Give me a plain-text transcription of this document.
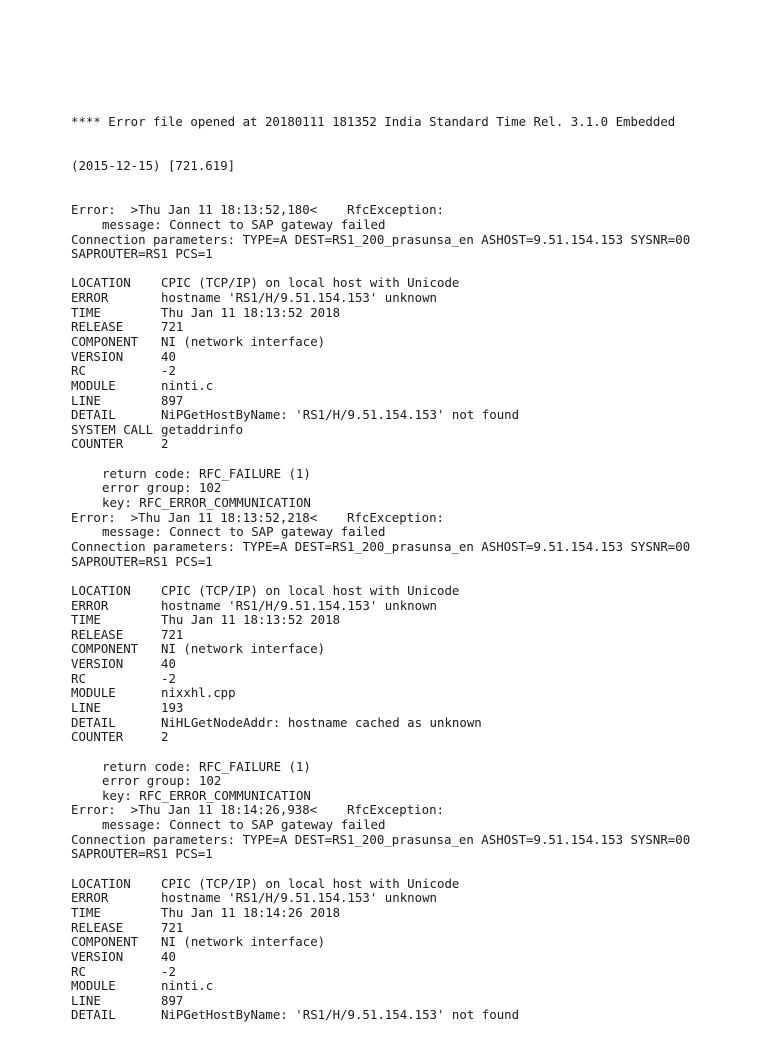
**** Error file opened at 20180111 181352 India Standard Time Rel. 3.1.0 Embedded

(2015-12-15) [721.619]

Error:  >Thu Jan 11 18:13:52,180<    RfcException:
message: Connect to SAP gateway failed
Connection parameters: TYPE=A DEST=RS1_200_prasunsa_en ASHOST=9.51.154.153 SYSNR=00
SAPROUTER=RS1 PCS=1
LOCATION CPIC (TCP/IP) on local host with Unicode
ERROR	hostname 'RS1/H/9.51.154.153' unknown
TIME	Thu Jan 11 18:13:52 2018
RELEASE	721
COMPONENT NI (network interface)
VERSION	40
RC	-2
MODULE	ninti.c
LINE	897
DETAIL	NiPGetHostByName: 'RS1/H/9.51.154.153' not found
SYSTEM CALL getaddrinfo
COUNTER	2
return code: RFC_FAILURE (1)
error group: 102
key: RFC_ERROR_COMMUNICATION
Error:  >Thu Jan 11 18:13:52,218<    RfcException:
message: Connect to SAP gateway failed
Connection parameters: TYPE=A DEST=RS1_200_prasunsa_en ASHOST=9.51.154.153 SYSNR=00
SAPROUTER=RS1 PCS=1
LOCATION CPIC (TCP/IP) on local host with Unicode
ERROR	hostname 'RS1/H/9.51.154.153' unknown
TIME	Thu Jan 11 18:13:52 2018
RELEASE	721
COMPONENT NI (network interface)
VERSION	40
RC	-2
MODULE	nixxhl.cpp
LINE	193
DETAIL	NiHLGetNodeAddr: hostname cached as unknown
COUNTER	2
return code: RFC_FAILURE (1)
error group: 102
key: RFC_ERROR_COMMUNICATION
Error:  >Thu Jan 11 18:14:26,938<    RfcException:
message: Connect to SAP gateway failed
Connection parameters: TYPE=A DEST=RS1_200_prasunsa_en ASHOST=9.51.154.153 SYSNR=00
SAPROUTER=RS1 PCS=1
LOCATION CPIC (TCP/IP) on local host with Unicode
ERROR	hostname 'RS1/H/9.51.154.153' unknown
TIME	Thu Jan 11 18:14:26 2018
RELEASE	721
COMPONENT NI (network interface)
VERSION	40
RC	-2
MODULE	ninti.c
LINE	897
DETAIL	NiPGetHostByName: 'RS1/H/9.51.154.153' not found
